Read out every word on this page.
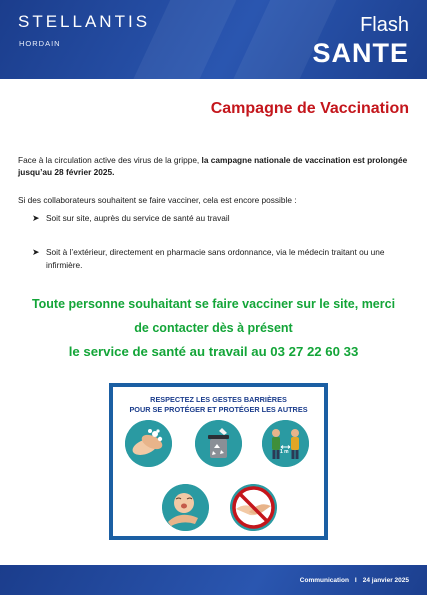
STELLANTIS
HORDAIN
Flash
SANTE
Campagne de Vaccination
Face à la circulation active des virus de la grippe, la campagne nationale de vaccination est prolongée jusqu’au 28 février 2025.
Si des collaborateurs souhaitent se faire vacciner, cela est encore possible :
➤ Soit sur site, auprès du service de santé au travail
➤ Soit à l’extérieur, directement en pharmacie sans ordonnance, via le médecin traitant ou une infirmière.
Toute personne souhaitant se faire vacciner sur le site, merci
de contacter dès à présent
le service de santé au travail au 03 27 22 60 33
RESPECTEZ LES GESTES BARRIÈRES
POUR SE PROTÉGER ET PROTÉGER LES AUTRES
1 m
Communication I 24 janvier 2025
